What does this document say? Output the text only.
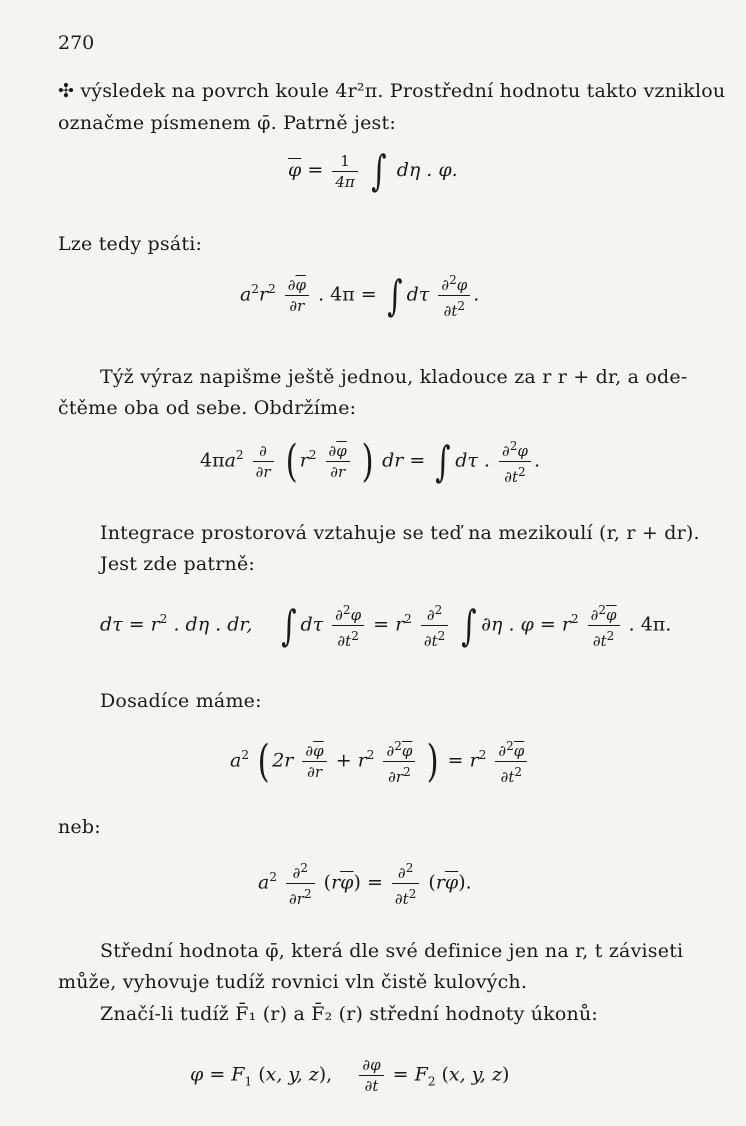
270
✣ výsledek na povrch koule 4r²π. Prostřední hodnotu takto vzniklou
označme písmenem φ̄. Patrně jest:
$\overline{\varphi} = \frac{1}{4\pi}$ ∫ dη . φ.
Lze tedy psáti:
$a^2r^2 \frac{\partial\overline{\varphi}}{\partial r}$ . 4π = ∫ dτ $\frac{\partial^2\varphi}{\partial t^2}$ .
Týž výraz napišme ještě jednou, kladouce za r r + dr, a ode-
čtěme oba od sebe. Obdržíme:
$4\pi a^2 \frac{\partial}{\partial r}$ ( $r^2 \frac{\partial\overline{\varphi}}{\partial r}$ ) dr = ∫ dτ . $\frac{\partial^2\varphi}{\partial t^2}$ .
Integrace prostorová vztahuje se teď na mezikoulí (r, r + dr).
Jest zde patrně:
$d\tau = r^2$ . dη . dr,    ∫ dτ $\frac{\partial^2\varphi}{\partial t^2} = r^2 \frac{\partial^2}{\partial t^2}$ ∫ ∂η . $\varphi = r^2 \frac{\partial^2\overline{\varphi}}{\partial t^2}$ . 4π.
Dosadíce máme:
$a^2$ ( $2r \frac{\partial\overline{\varphi}}{\partial r} + r^2 \frac{\partial^2\overline{\varphi}}{\partial r^2}$ ) = $r^2 \frac{\partial^2\overline{\varphi}}{\partial t^2}$
neb:
$a^2 \frac{\partial^2}{\partial r^2} (r\overline{\varphi}) = \frac{\partial^2}{\partial t^2} (r\overline{\varphi})$.
Střední hodnota φ̄, která dle své definice jen na r, t záviseti
může, vyhovuje tudíž rovnici vln čistě kulových.
Značí-li tudíž F̄₁ (r) a F̄₂ (r) střední hodnoty úkonů:
$\varphi = F_1$ (x, y, z), $\frac{\partial\varphi}{\partial t} = F_2$ (x, y, z)
